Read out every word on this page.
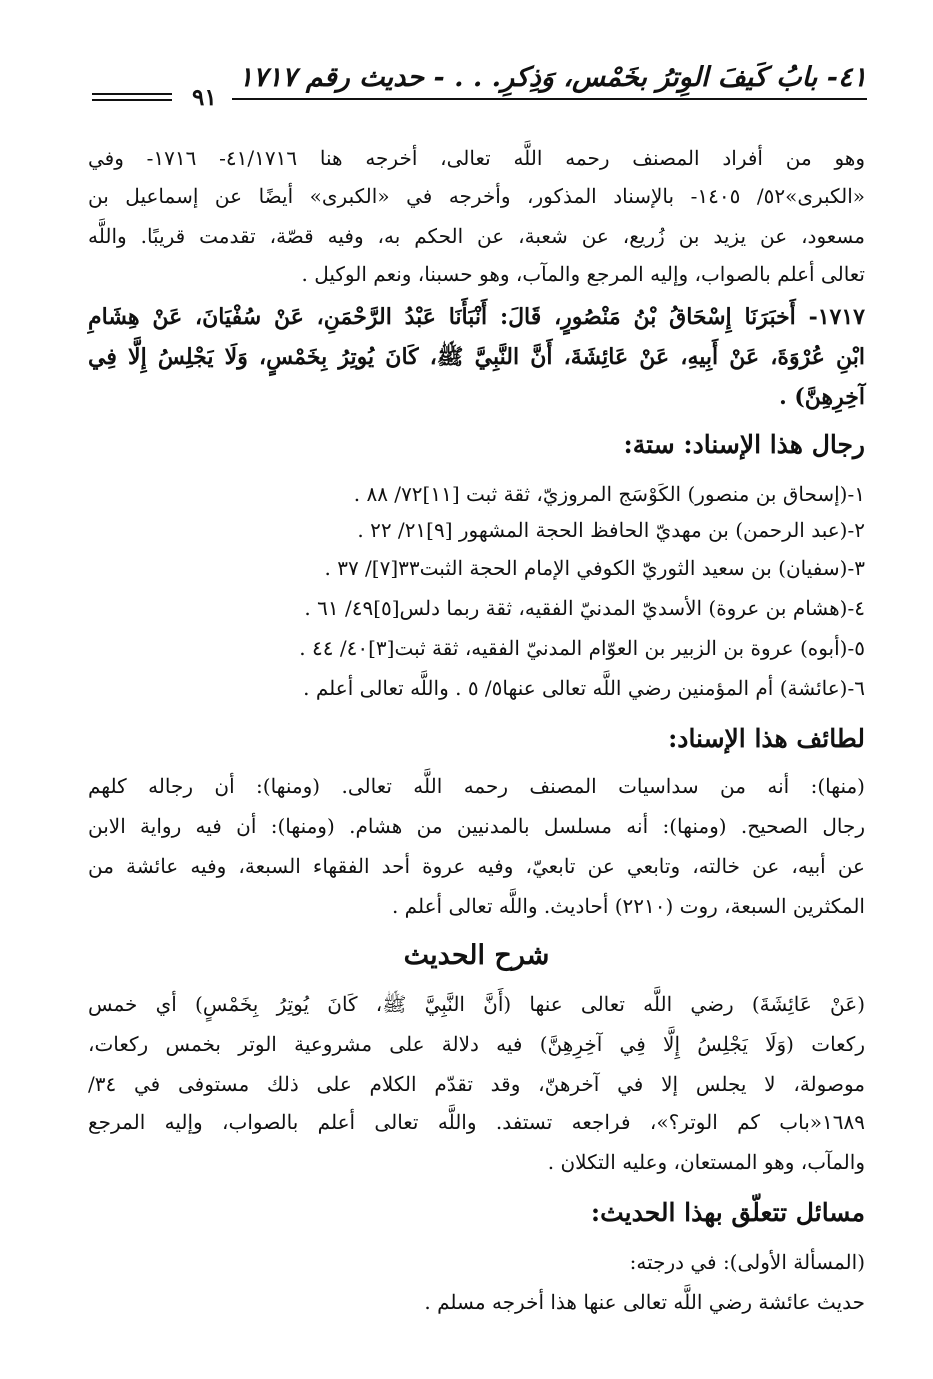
٤١- بابُ كَيفَ الوِترُ بخَمْس، وَذِكرِ. . . - حديث رقم ١٧١٧
٩١
وهو من أفراد المصنف رحمه اللَّه تعالى، أخرجه هنا ٤١/١٧١٦- ١٧١٦- وفي
«الكبرى»٥٢/ ١٤٠٥- بالإسناد المذكور، وأخرجه في «الكبرى» أيضًا عن إسماعيل بن
مسعود، عن يزيد بن زُريع، عن شعبة، عن الحكم به، وفيه قصّة، تقدمت قريبًا. واللَّه
تعالى أعلم بالصواب، وإليه المرجع والمآب، وهو حسبنا، ونعم الوكيل .
١٧١٧- أَخبَرَنَا إِسْحَاقُ بْنُ مَنْصُورٍ، قَالَ: أَنْبَأَنَا عَبْدُ الرَّحْمَنِ، عَنْ سُفْيَانَ، عَنْ هِشَامِ
ابْنِ عُرْوَةَ، عَنْ أَبِيهِ، عَنْ عَائِشَةَ، أَنَّ النَّبِيَّ ﷺ، كَانَ يُوتِرُ بِخَمْسٍ، وَلَا يَجْلِسُ إِلَّا فِي
آخِرِهِنَّ) .
رجال هذا الإسناد: ستة:
١-(إسحاق بن منصور) الكَوْسَج المروزيّ، ثقة ثبت [١١]٧٢/ ٨٨ .
٢-(عبد الرحمن) بن مهديّ الحافظ الحجة المشهور [٩]٢١/ ٢٢ .
٣-(سفيان) بن سعيد الثوريّ الكوفي الإمام الحجة الثبت٣٣[٧]/ ٣٧ .
٤-(هشام بن عروة) الأسديّ المدنيّ الفقيه، ثقة ربما دلس[٥]٤٩/ ٦١ .
٥-(أبوه) عروة بن الزبير بن العوّام المدنيّ الفقيه، ثقة ثبت[٣]٤٠/ ٤٤ .
٦-(عائشة) أم المؤمنين رضي اللَّه تعالى عنها٥/ ٥ . واللَّه تعالى أعلم .
لطائف هذا الإسناد:
(منها): أنه من سداسيات المصنف رحمه اللَّه تعالى. (ومنها): أن رجاله كلهم
رجال الصحيح. (ومنها): أنه مسلسل بالمدنيين من هشام. (ومنها): أن فيه رواية الابن
عن أبيه، عن خالته، وتابعي عن تابعيّ، وفيه عروة أحد الفقهاء السبعة، وفيه عائشة من
المكثرين السبعة، روت (٢٢١٠) أحاديث. واللَّه تعالى أعلم .
شرح الحديث
(عَنْ عَائِشَةَ) رضي اللَّه تعالى عنها (أَنَّ النَّبِيَّ ﷺ، كَانَ يُوتِرُ بِخَمْسٍ) أي خمس
ركعات (وَلَا يَجْلِسُ إِلَّا فِي آخِرِهِنَّ) فيه دلالة على مشروعية الوتر بخمس ركعات،
موصولة، لا يجلس إلا في آخرهنّ، وقد تقدّم الكلام على ذلك مستوفى في ٣٤/
١٦٨٩«باب كم الوتر؟»، فراجعه تستفد. واللَّه تعالى أعلم بالصواب، وإليه المرجع
والمآب، وهو المستعان، وعليه التكلان .
مسائل تتعلّق بهذا الحديث:
(المسألة الأولى): في درجته:
حديث عائشة رضي اللَّه تعالى عنها هذا أخرجه مسلم .
